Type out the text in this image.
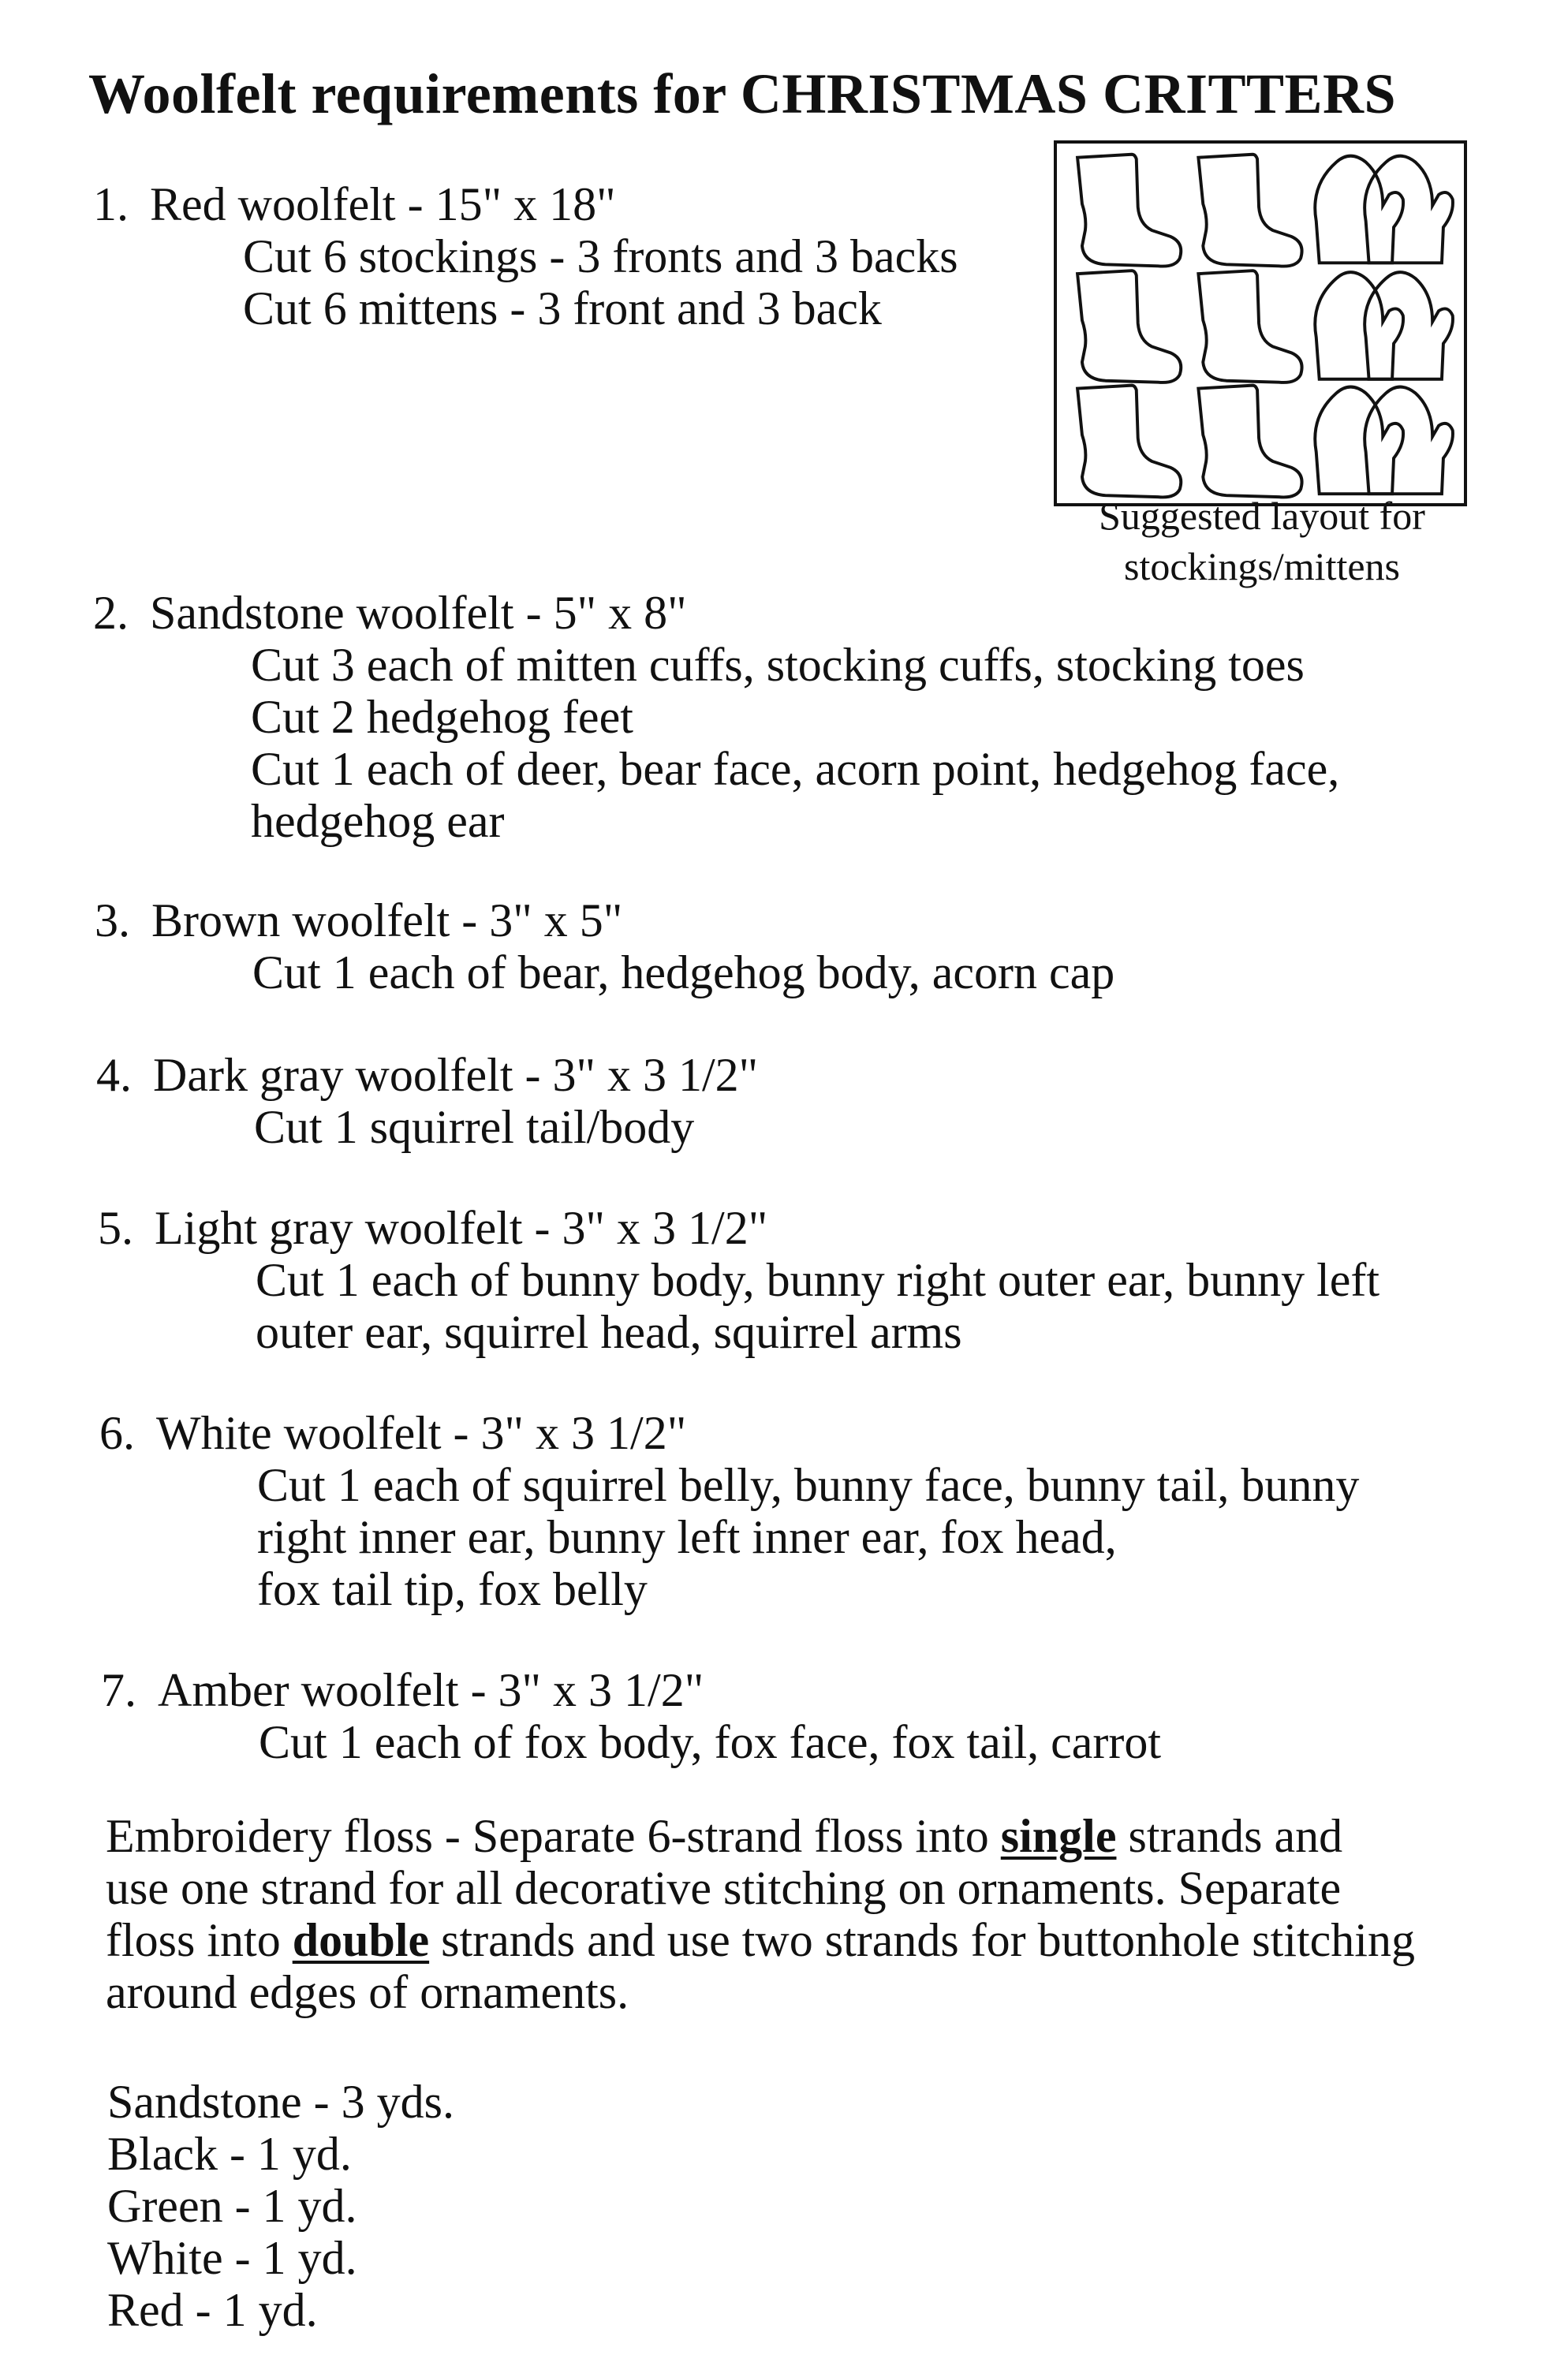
Woolfelt requirements for CHRISTMAS CRITTERS
Suggested layout for
stockings/mittens
1. Red woolfelt - 15" x 18"
Cut 6 stockings - 3 fronts and 3 backs
Cut 6 mittens - 3 front and 3 back
2. Sandstone woolfelt - 5" x 8"
Cut 3 each of mitten cuffs, stocking cuffs, stocking toes
Cut 2 hedgehog feet
Cut 1 each of deer, bear face, acorn point, hedgehog face,
hedgehog ear
3. Brown woolfelt - 3" x 5"
Cut 1 each of bear, hedgehog body, acorn cap
4. Dark gray woolfelt - 3" x 3 1/2"
Cut 1 squirrel tail/body
5. Light gray woolfelt - 3" x 3 1/2"
Cut 1 each of bunny body, bunny right outer ear, bunny left
outer ear, squirrel head, squirrel arms
6. White woolfelt - 3" x 3 1/2"
Cut 1 each of squirrel belly, bunny face, bunny tail, bunny
right inner ear, bunny left inner ear, fox head,
fox tail tip, fox belly
7. Amber woolfelt - 3" x 3 1/2"
Cut 1 each of fox body, fox face, fox tail, carrot
Embroidery floss - Separate 6-strand floss into single strands and
use one strand for all decorative stitching on ornaments. Separate
floss into double strands and use two strands for buttonhole stitching
around edges of ornaments.
Sandstone - 3 yds.
Black - 1 yd.
Green - 1 yd.
White - 1 yd.
Red - 1 yd.
